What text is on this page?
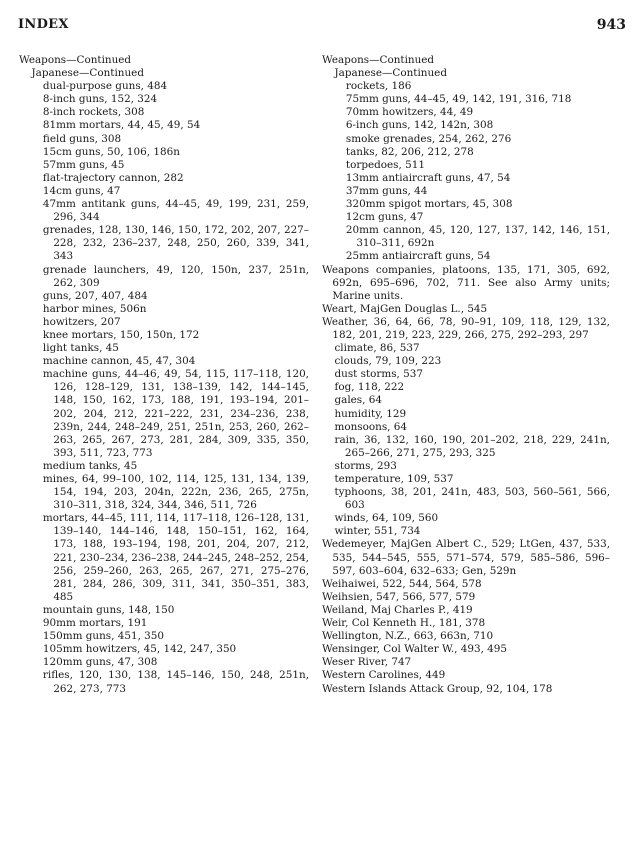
INDEX	943
Weapons—Continued
Japanese—Continued
dual-purpose guns, 484
8-inch guns, 152, 324
8-inch rockets, 308
81mm mortars, 44, 45, 49, 54
field guns, 308
15cm guns, 50, 106, 186n
57mm guns, 45
flat-trajectory cannon, 282
14cm guns, 47
47mm antitank guns, 44–45, 49, 199, 231, 259, 296, 344
grenades, 128, 130, 146, 150, 172, 202, 207, 227–228, 232, 236–237, 248, 250, 260, 339, 341, 343
grenade launchers, 49, 120, 150n, 237, 251n, 262, 309
guns, 207, 407, 484
harbor mines, 506n
howitzers, 207
knee mortars, 150, 150n, 172
light tanks, 45
machine cannon, 45, 47, 304
machine guns, 44–46, 49, 54, 115, 117–118, 120, 126, 128–129, 131, 138–139, 142, 144–145, 148, 150, 162, 173, 188, 191, 193–194, 201–202, 204, 212, 221–222, 231, 234–236, 238, 239n, 244, 248–249, 251, 251n, 253, 260, 262–263, 265, 267, 273, 281, 284, 309, 335, 350, 393, 511, 723, 773
medium tanks, 45
mines, 64, 99–100, 102, 114, 125, 131, 134, 139, 154, 194, 203, 204n, 222n, 236, 265, 275n, 310–311, 318, 324, 344, 346, 511, 726
mortars, 44–45, 111, 114, 117–118, 126–128, 131, 139–140, 144–146, 148, 150–151, 162, 164, 173, 188, 193–194, 198, 201, 204, 207, 212, 221, 230–234, 236–238, 244–245, 248–252, 254, 256, 259–260, 263, 265, 267, 271, 275–276, 281, 284, 286, 309, 311, 341, 350–351, 383, 485
mountain guns, 148, 150
90mm mortars, 191
150mm guns, 451, 350
105mm howitzers, 45, 142, 247, 350
120mm guns, 47, 308
rifles, 120, 130, 138, 145–146, 150, 248, 251n, 262, 273, 773
Weapons—Continued
Japanese—Continued
rockets, 186
75mm guns, 44–45, 49, 142, 191, 316, 718
70mm howitzers, 44, 49
6-inch guns, 142, 142n, 308
smoke grenades, 254, 262, 276
tanks, 82, 206, 212, 278
torpedoes, 511
13mm antiaircraft guns, 47, 54
37mm guns, 44
320mm spigot mortars, 45, 308
12cm guns, 47
20mm cannon, 45, 120, 127, 137, 142, 146, 151, 310–311, 692n
25mm antiaircraft guns, 54
Weapons companies, platoons, 135, 171, 305, 692, 692n, 695–696, 702, 711. See also Army units; Marine units.
Weart, MajGen Douglas L., 545
Weather, 36, 64, 66, 78, 90–91, 109, 118, 129, 132, 182, 201, 219, 223, 229, 266, 275, 292–293, 297
climate, 86, 537
clouds, 79, 109, 223
dust storms, 537
fog, 118, 222
gales, 64
humidity, 129
monsoons, 64
rain, 36, 132, 160, 190, 201–202, 218, 229, 241n, 265–266, 271, 275, 293, 325
storms, 293
temperature, 109, 537
typhoons, 38, 201, 241n, 483, 503, 560–561, 566, 603
winds, 64, 109, 560
winter, 551, 734
Wedemeyer, MajGen Albert C., 529; LtGen, 437, 533, 535, 544–545, 555, 571–574, 579, 585–586, 596–597, 603–604, 632–633; Gen, 529n
Weihaiwei, 522, 544, 564, 578
Weihsien, 547, 566, 577, 579
Weiland, Maj Charles P., 419
Weir, Col Kenneth H., 181, 378
Wellington, N.Z., 663, 663n, 710
Wensinger, Col Walter W., 493, 495
Weser River, 747
Western Carolines, 449
Western Islands Attack Group, 92, 104, 178
